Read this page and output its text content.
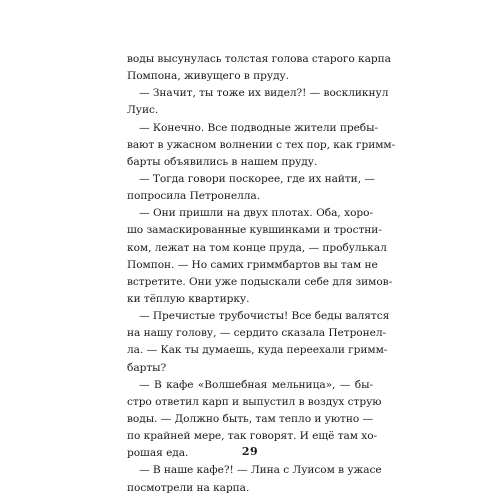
воды высунулась толстая голова старого карпа
Помпона, живущего в пруду.
— Значит, ты тоже их видел?! — воскликнул
Луис.
— Конечно. Все подводные жители пребы-
вают в ужасном волнении с тех пор, как гримм-
барты объявились в нашем пруду.
— Тогда говори поскорее, где их найти, —
попросила Петронелла.
— Они пришли на двух плотах. Оба, хоро-
шо замаскированные кувшинками и тростни-
ком, лежат на том конце пруда, — пробулькал
Помпон. — Но самих гриммбартов вы там не
встретите. Они уже подыскали себе для зимов-
ки тёплую квартирку.
— Пречистые трубочисты! Все беды валятся
на нашу голову, — сердито сказала Петронел-
ла. — Как ты думаешь, куда переехали гримм-
барты?
— В кафе «Волшебная мельница», — бы-
стро ответил карп и выпустил в воздух струю
воды. — Должно быть, там тепло и уютно —
по крайней мере, так говорят. И ещё там хо-
рошая еда.
— В наше кафе?! — Лина с Луисом в ужасе
посмотрели на карпа.
29
